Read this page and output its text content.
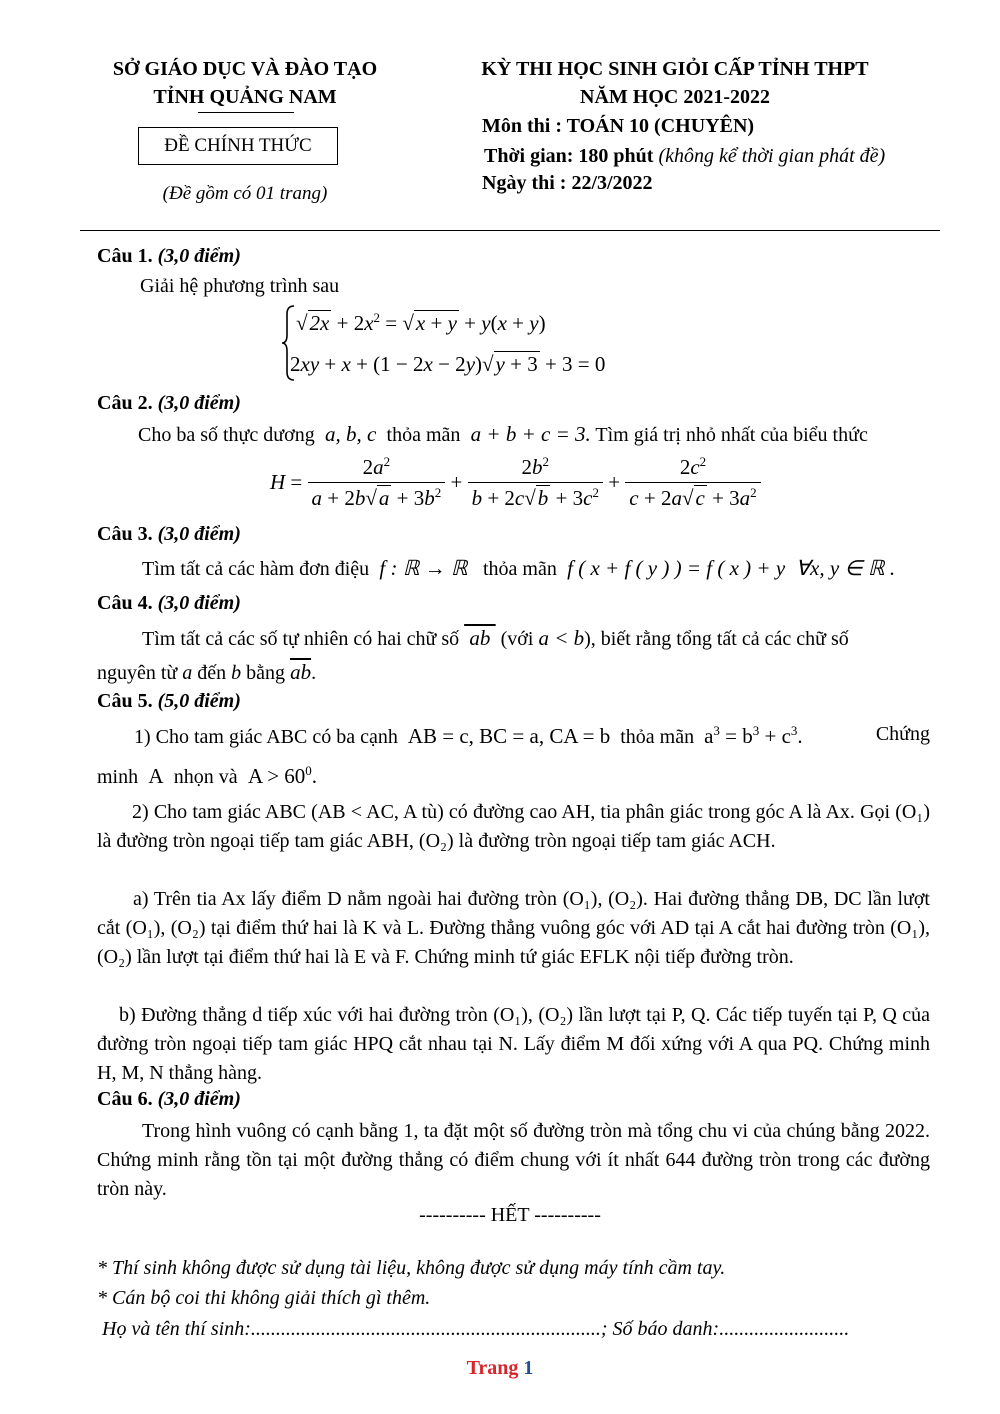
SỞ GIÁO DỤC VÀ ĐÀO TẠO
TỈNH QUẢNG NAM
ĐỀ CHÍNH THỨC
(Đề gồm có 01 trang)
KỲ THI HỌC SINH GIỎI CẤP TỈNH THPT
NĂM HỌC 2021-2022
Môn thi : TOÁN 10 (CHUYÊN)
Thời gian: 180 phút (không kể thời gian phát đề)
Ngày thi : 22/3/2022
Câu 1. (3,0 điểm)
Giải hệ phương trình sau
$√2x + 2x^2 = √x + y + y(x + y)$
2xy + x + (1 − 2x − 2y)√y + 3 + 3 = 0
Câu 2. (3,0 điểm)
Cho ba số thực dương  a, b, c  thỏa mãn  a + b + c = 3. Tìm giá trị nhỏ nhất của biểu thức
$H = \frac{2a^2}{a + 2b√a + 3b^2} + \frac{2b^2}{b + 2c√b + 3c^2} + \frac{2c^2}{c + 2a√c + 3a^2}$
Câu 3. (3,0 điểm)
Tìm tất cả các hàm đơn điệu  f : ℝ → ℝ   thỏa mãn  f ( x + f ( y ) ) = f ( x ) + y  ∀x, y ∈ ℝ .
Câu 4. (3,0 điểm)
Tìm tất cả các số tự nhiên có hai chữ số  ab  (với a < b), biết rằng tổng tất cả các chữ số
nguyên từ a đến b bằng $\overline{ab}$.
Câu 5. (5,0 điểm)
1) Cho tam giác ABC có ba cạnh AB = c, BC = a, CA = b thỏa mãn $a^3 = b^3 + c^3$.	Chứng
minh  A  nhọn và  $A > 60^0$.

2) Cho tam giác ABC (AB < AC, A tù) có đường cao AH, tia phân giác trong góc A là Ax. Gọi (O₁) là đường tròn ngoại tiếp tam giác ABH, (O₂) là đường tròn ngoại tiếp tam giác ACH.

a) Trên tia Ax lấy điểm D nằm ngoài hai đường tròn (O₁), (O₂). Hai đường thẳng DB, DC lần lượt cắt (O₁), (O₂) tại điểm thứ hai là K và L. Đường thẳng vuông góc với AD tại A cắt hai đường tròn (O₁), (O₂) lần lượt tại điểm thứ hai là E và F. Chứng minh tứ giác EFLK nội tiếp đường tròn.

b) Đường thẳng d tiếp xúc với hai đường tròn (O₁), (O₂) lần lượt tại P, Q. Các tiếp tuyến tại P, Q của đường tròn ngoại tiếp tam giác HPQ cắt nhau tại N. Lấy điểm M đối xứng với A qua PQ. Chứng minh H, M, N thẳng hàng.

Câu 6. (3,0 điểm)

Trong hình vuông có cạnh bằng 1, ta đặt một số đường tròn mà tổng chu vi của chúng bằng 2022. Chứng minh rằng tồn tại một đường thẳng có điểm chung với ít nhất 644 đường tròn trong các đường tròn này.

---------- HẾT ----------
* Thí sinh không được sử dụng tài liệu, không được sử dụng máy tính cầm tay.
* Cán bộ coi thi không giải thích gì thêm.
Họ và tên thí sinh:......................................................................; Số báo danh:..........................
Trang 1
